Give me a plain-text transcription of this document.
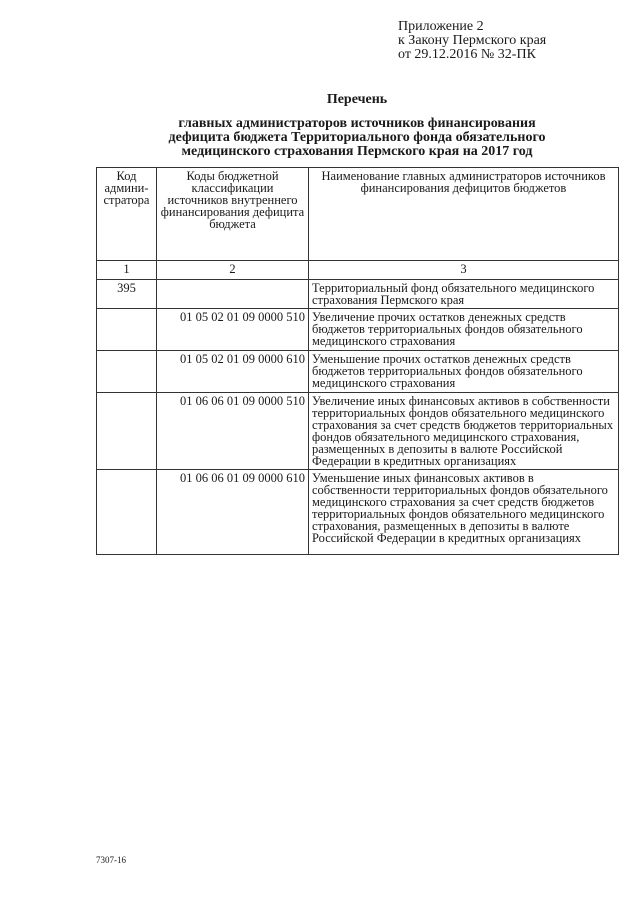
Приложение 2
к Закону Пермского края
от 29.12.2016 № 32-ПК
Перечень
главных администраторов источников финансирования
дефицита бюджета Территориального фонда обязательного
медицинского страхования Пермского края на 2017 год
Код админи-стратора	Коды бюджетной классификации источников внутреннего финансирования дефицита бюджета	Наименование главных администраторов источников финансирования дефицитов бюджетов
1	2	3
395		Территориальный фонд обязательного медицинского страхования Пермского края
	01 05 02 01 09 0000 510	Увеличение прочих остатков денежных средств бюджетов территориальных фондов обязательного медицинского страхования
	01 05 02 01 09 0000 610	Уменьшение прочих остатков денежных средств бюджетов территориальных фондов обязательного медицинского страхования
	01 06 06 01 09 0000 510	Увеличение иных финансовых активов в собственности территориальных фондов обязательного медицинского страхования за счет средств бюджетов территориальных фондов обязательного медицинского страхования, размещенных в депозиты в валюте Российской Федерации в кредитных организациях
	01 06 06 01 09 0000 610	Уменьшение иных финансовых активов в собственности территориальных фондов обязательного медицинского страхования за счет средств бюджетов территориальных фондов обязательного медицинского страхования, размещенных в депозиты в валюте Российской Федерации в кредитных организациях
7307-16
